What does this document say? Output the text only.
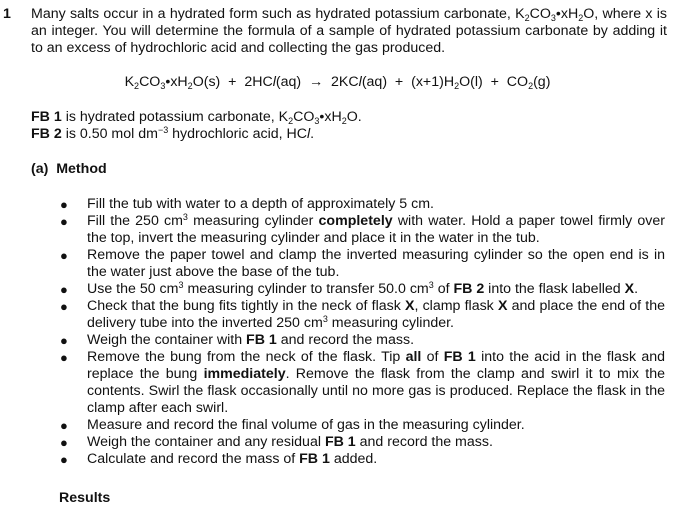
1 Many salts occur in a hydrated form such as hydrated potassium carbonate, $K_2CO_3•xH_2O$, where x is an integer. You will determine the formula of a sample of hydrated potassium carbonate by adding it to an excess of hydrochloric acid and collecting the gas produced.
$K_2CO_3•xH_2O(s) + 2HCl(aq) \to 2KCl(aq) + (x+1)H_2O(l) + CO_2(g)$
FB 1 is hydrated potassium carbonate, $K_2CO_3•xH_2O$.
FB 2 is 0.50 mol $dm^{-3}$ hydrochloric acid, HCl.
(a)  Method
● Fill the tub with water to a depth of approximately 5 cm.
● Fill the 250 $cm^3$ measuring cylinder completely with water. Hold a paper towel firmly over the top, invert the measuring cylinder and place it in the water in the tub.
● Remove the paper towel and clamp the inverted measuring cylinder so the open end is in the water just above the base of the tub.
● Use the 50 $cm^3$ measuring cylinder to transfer 50.0 $cm^3$ of FB 2 into the flask labelled X.
● Check that the bung fits tightly in the neck of flask X, clamp flask X and place the end of the delivery tube into the inverted 250 $cm^3$ measuring cylinder.
● Weigh the container with FB 1 and record the mass.
● Remove the bung from the neck of the flask. Tip all of FB 1 into the acid in the flask and replace the bung immediately. Remove the flask from the clamp and swirl it to mix the contents. Swirl the flask occasionally until no more gas is produced. Replace the flask in the clamp after each swirl.
● Measure and record the final volume of gas in the measuring cylinder.
● Weigh the container and any residual FB 1 and record the mass.
● Calculate and record the mass of FB 1 added.
Results
